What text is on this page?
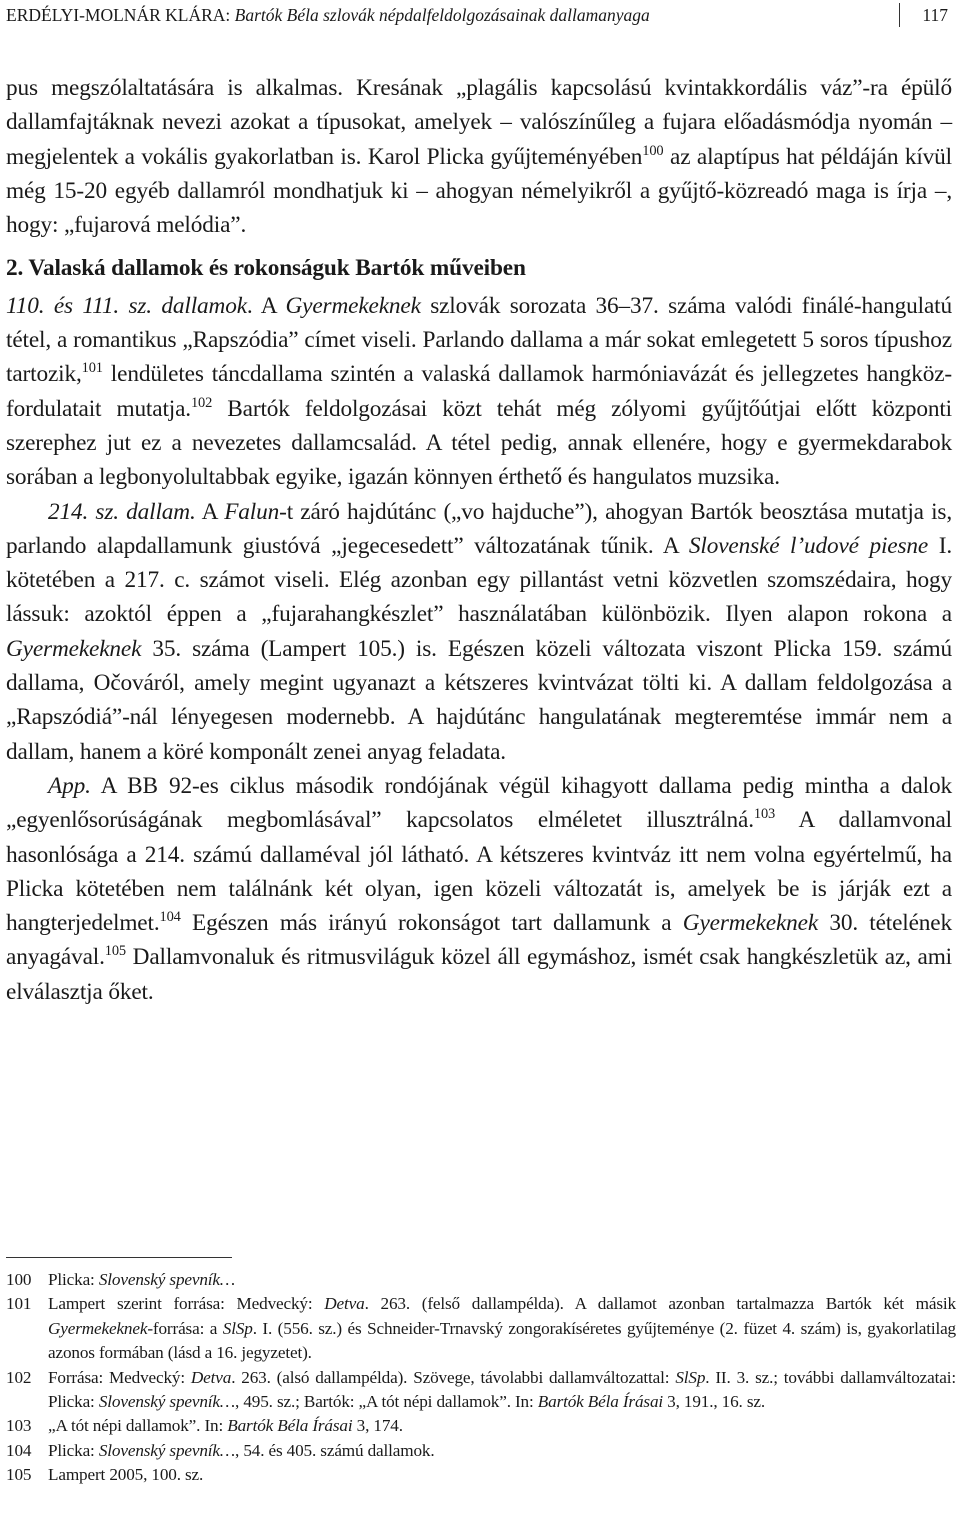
ERDÉLYI-MOLNÁR KLÁRA: Bartók Béla szlovák népdalfeldolgozásainak dallamanyaga	117

pus megszólaltatására is alkalmas. Kresának „plagális kapcsolású kvintakkordális váz”-ra épülő dallamfajtáknak nevezi azokat a típusokat, amelyek – valószínűleg a fujara előadásmódja nyomán – megjelentek a vokális gyakorlatban is. Karol Plicka gyűjteményében$^{100}$ az alaptípus hat példáján kívül még 15-20 egyéb dallamról mondhatjuk ki – ahogyan némelyikről a gyűjtő-közreadó maga is írja –, hogy: „fujarová melódia”.

2. Valaská dallamok és rokonságuk Bartók műveiben

110. és 111. sz. dallamok. A Gyermekeknek szlovák sorozata 36–37. száma valódi finálé-hangulatú tétel, a romantikus „Rapszódia” címet viseli. Parlando dallama a már sokat emlegetett 5 soros típushoz tartozik,$^{101}$ lendületes táncdallama szintén a valaská dallamok harmóniavázát és jellegzetes hangköz-fordulatait mutatja.$^{102}$ Bartók feldolgozásai közt tehát még zólyomi gyűjtőútjai előtt központi szerephez jut ez a nevezetes dallamcsalád. A tétel pedig, annak ellenére, hogy e gyermekdarabok sorában a legbonyolultabbak egyike, igazán könnyen érthető és hangulatos muzsika.

214. sz. dallam. A Falun-t záró hajdútánc („vo hajduche”), ahogyan Bartók beosztása mutatja is, parlando alapdallamunk giustóvá „jegecesedett” változatának tűnik. A Slovenské l’udové piesne I. kötetében a 217. c. számot viseli. Elég azonban egy pillantást vetni közvetlen szomszédaira, hogy lássuk: azoktól éppen a „fujarahangkészlet” használatában különbözik. Ilyen alapon rokona a Gyermekeknek 35. száma (Lampert 105.) is. Egészen közeli változata viszont Plicka 159. számú dallama, Očováról, amely megint ugyanazt a kétszeres kvintvázat tölti ki. A dallam feldolgozása a „Rapszódiá”-nál lényegesen modernebb. A hajdútánc hangulatának megteremtése immár nem a dallam, hanem a köré komponált zenei anyag feladata.

App. A BB 92-es ciklus második rondójának végül kihagyott dallama pedig mintha a dalok „egyenlősorúságának megbomlásával” kapcsolatos elméletet illusztrálná.$^{103}$ A dallamvonal hasonlósága a 214. számú dallaméval jól látható. A kétszeres kvintváz itt nem volna egyértelmű, ha Plicka kötetében nem találnánk két olyan, igen közeli változatát is, amelyek be is járják ezt a hangterjedelmet.$^{104}$ Egészen más irányú rokonságot tart dallamunk a Gyermekeknek 30. tételének anyagával.$^{105}$ Dallamvonaluk és ritmusviláguk közel áll egymáshoz, ismét csak hangkészletük az, ami elválasztja őket.

100 Plicka: Slovenský spevník…
101 Lampert szerint forrása: Medvecký: Detva. 263. (felső dallampélda). A dallamot azonban tartalmazza Bartók két másik Gyermekeknek-forrása: a SlSp. I. (556. sz.) és Schneider-Trnavský zongorakíséretes gyűjteménye (2. füzet 4. szám) is, gyakorlatilag azonos formában (lásd a 16. jegyzetet).
102 Forrása: Medvecký: Detva. 263. (alsó dallampélda). Szövege, távolabbi dallamváltozattal: SlSp. II. 3. sz.; további dallamváltozatai: Plicka: Slovenský spevník…, 495. sz.; Bartók: „A tót népi dallamok”. In: Bartók Béla Írásai 3, 191., 16. sz.
103 „A tót népi dallamok”. In: Bartók Béla Írásai 3, 174.
104 Plicka: Slovenský spevník…, 54. és 405. számú dallamok.
105 Lampert 2005, 100. sz.
